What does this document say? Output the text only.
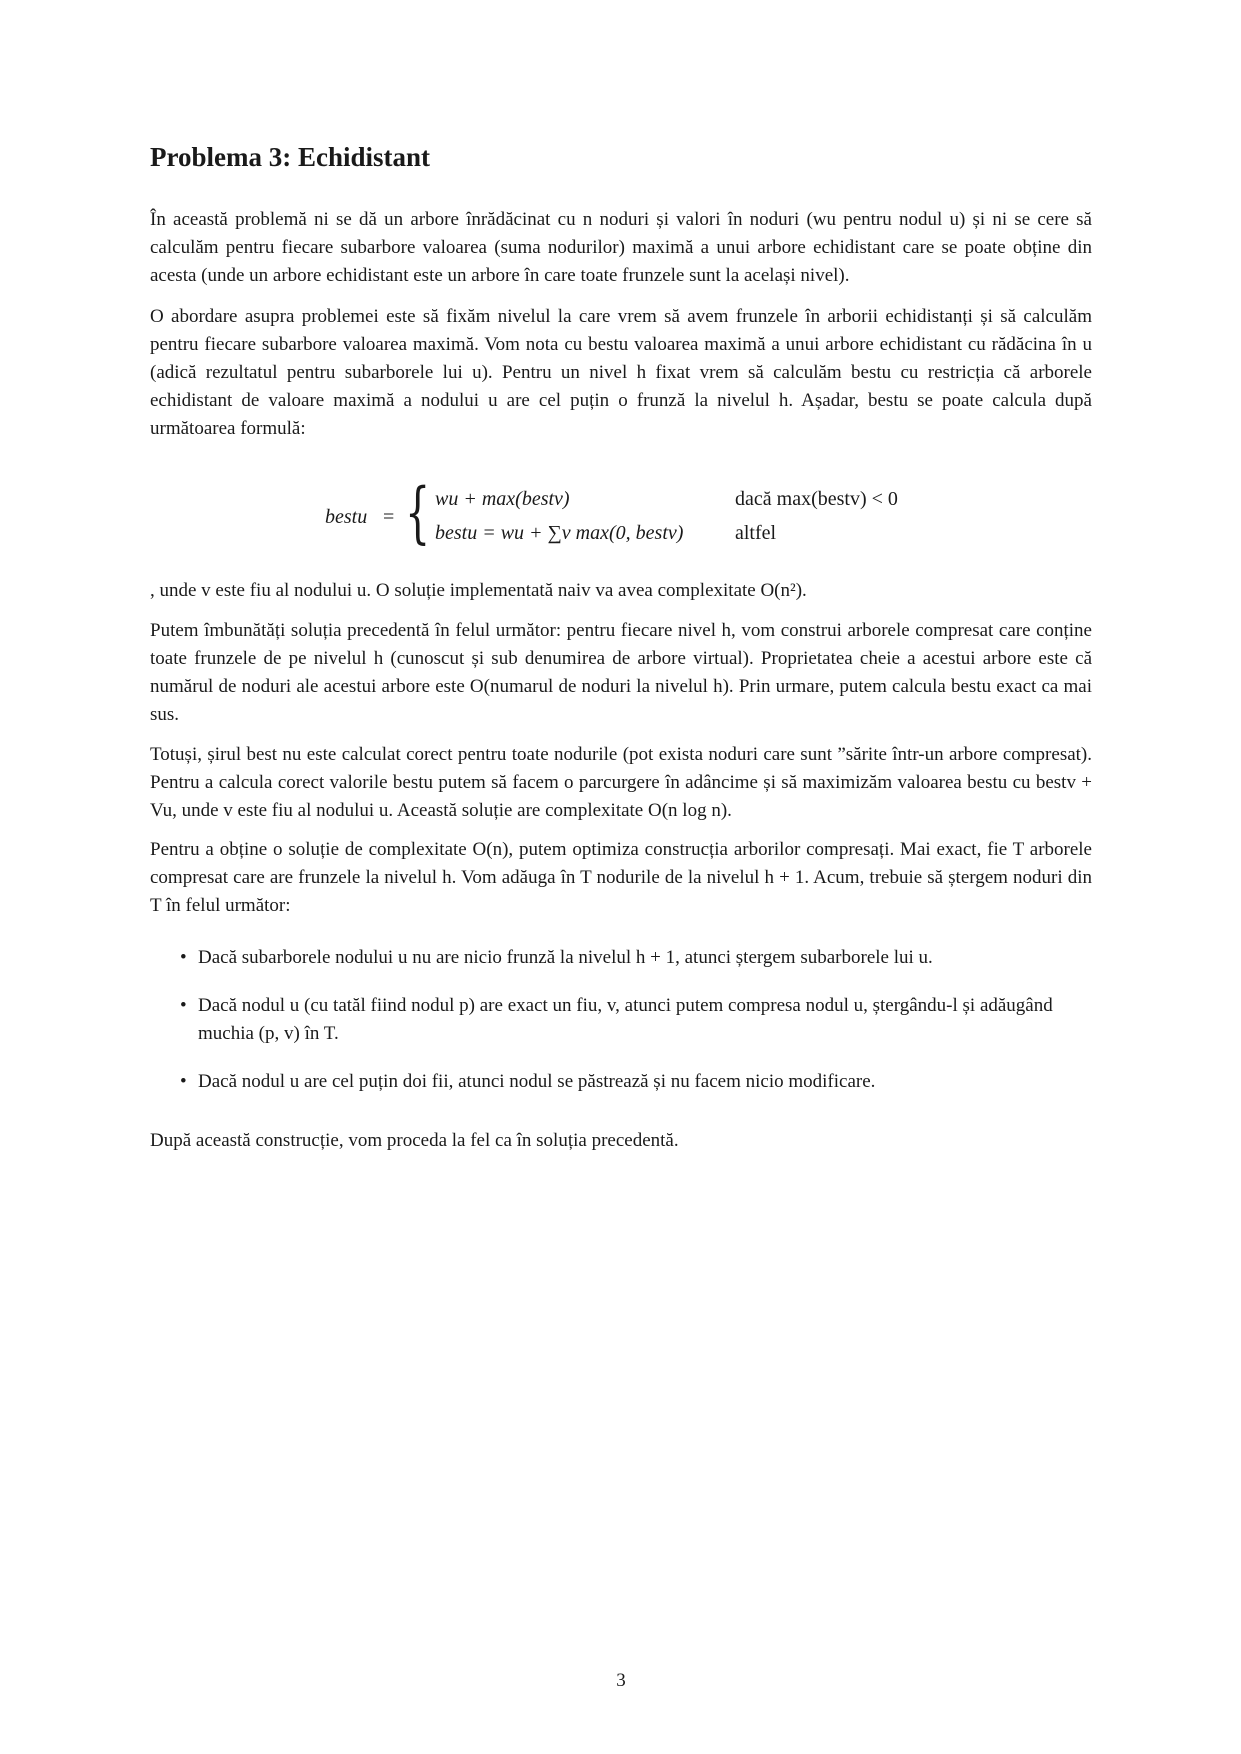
Problema 3: Echidistant

În această problemă ni se dă un arbore înrădăcinat cu n noduri și valori în noduri (wu pentru nodul u) și ni se cere să calculăm pentru fiecare subarbore valoarea (suma nodurilor) maximă a unui arbore echidistant care se poate obține din acesta (unde un arbore echidistant este un arbore în care toate frunzele sunt la același nivel).

O abordare asupra problemei este să fixăm nivelul la care vrem să avem frunzele în arborii echidistanți și să calculăm pentru fiecare subarbore valoarea maximă. Vom nota cu bestu valoarea maximă a unui arbore echidistant cu rădăcina în u (adică rezultatul pentru subarborele lui u). Pentru un nivel h fixat vrem să calculăm bestu cu restricția că arborele echidistant de valoare maximă a nodului u are cel puțin o frunză la nivelul h. Așadar, bestu se poate calcula după următoarea formulă:

bestu = { wu + max(bestv)	dacă max(bestv) < 0
bestu = wu + ∑v max(0, bestv)	altfel

, unde v este fiu al nodului u. O soluție implementată naiv va avea complexitate O(n²).

Putem îmbunătăți soluția precedentă în felul următor: pentru fiecare nivel h, vom construi arborele compresat care conține toate frunzele de pe nivelul h (cunoscut și sub denumirea de arbore virtual). Proprietatea cheie a acestui arbore este că numărul de noduri ale acestui arbore este O(numarul de noduri la nivelul h). Prin urmare, putem calcula bestu exact ca mai sus.

Totuși, șirul best nu este calculat corect pentru toate nodurile (pot exista noduri care sunt ”sărite într-un arbore compresat). Pentru a calcula corect valorile bestu putem să facem o parcurgere în adâncime și să maximizăm valoarea bestu cu bestv + Vu, unde v este fiu al nodului u. Această soluție are complexitate O(n log n).

Pentru a obține o soluție de complexitate O(n), putem optimiza construcția arborilor compresați. Mai exact, fie T arborele compresat care are frunzele la nivelul h. Vom adăuga în T nodurile de la nivelul h + 1. Acum, trebuie să ștergem noduri din T în felul următor:

• Dacă subarborele nodului u nu are nicio frunză la nivelul h + 1, atunci ștergem subarborele lui u.
• Dacă nodul u (cu tatăl fiind nodul p) are exact un fiu, v, atunci putem compresa nodul u, ștergându-l și adăugând muchia (p, v) în T.
• Dacă nodul u are cel puțin doi fii, atunci nodul se păstrează și nu facem nicio modificare.

După această construcție, vom proceda la fel ca în soluția precedentă.

3
